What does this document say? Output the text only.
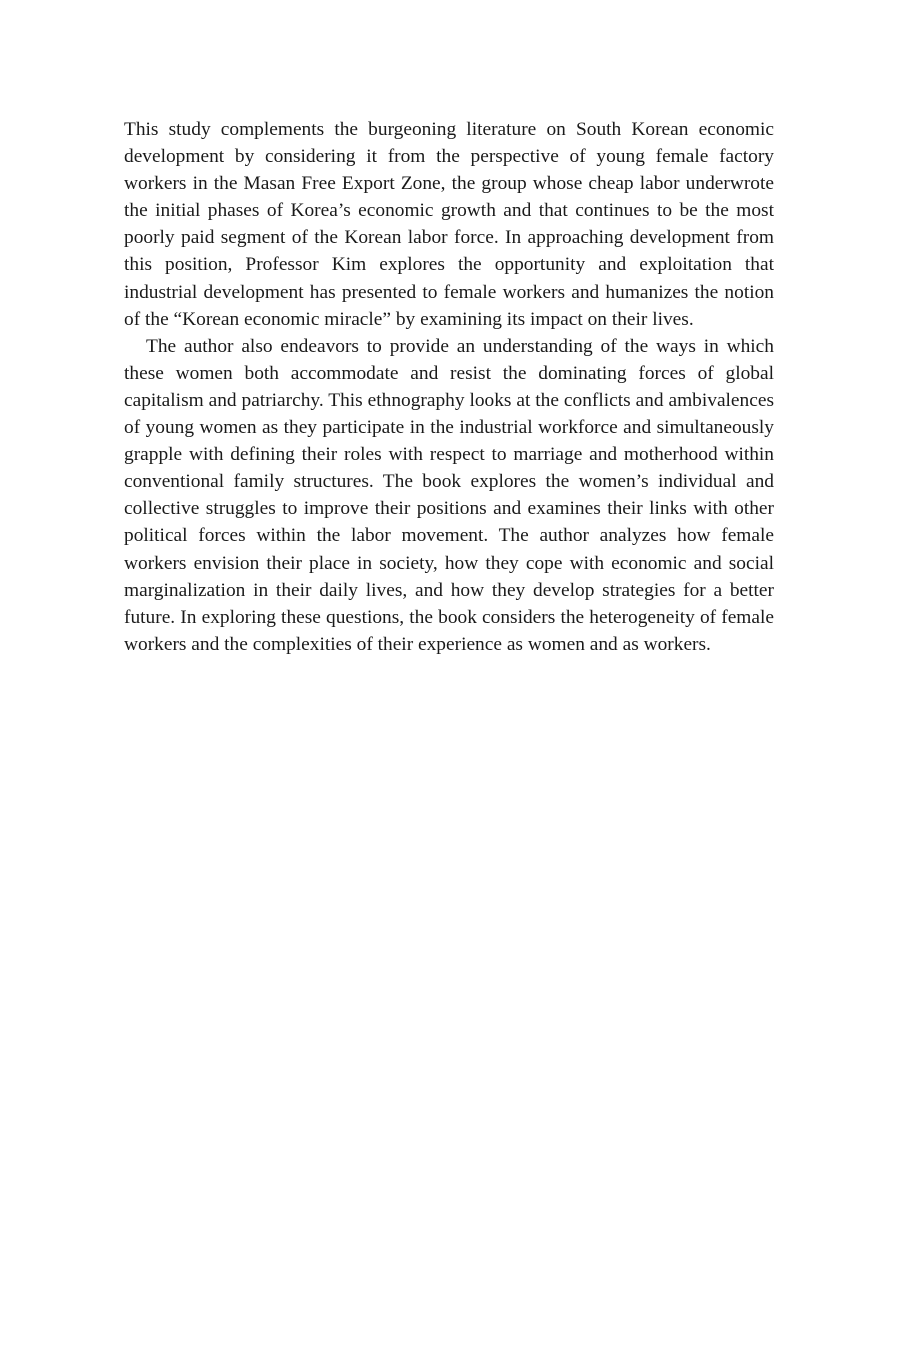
This study complements the burgeoning literature on South Korean economic development by considering it from the perspective of young female factory workers in the Masan Free Export Zone, the group whose cheap labor underwrote the initial phases of Korea’s economic growth and that continues to be the most poorly paid segment of the Korean labor force. In approaching development from this position, Professor Kim explores the opportunity and exploitation that industrial development has presented to female workers and humanizes the notion of the “Korean economic miracle” by examining its impact on their lives.

The author also endeavors to provide an understanding of the ways in which these women both accommodate and resist the dominating forces of global capitalism and patriarchy. This ethnography looks at the conflicts and ambivalences of young women as they participate in the industrial workforce and simultaneously grapple with defining their roles with respect to marriage and motherhood within conventional family structures. The book explores the women’s individual and collective struggles to improve their positions and examines their links with other political forces within the labor movement. The author analyzes how female workers envision their place in society, how they cope with economic and social marginalization in their daily lives, and how they develop strategies for a better future. In exploring these questions, the book considers the heterogeneity of female workers and the complexities of their experience as women and as workers.
